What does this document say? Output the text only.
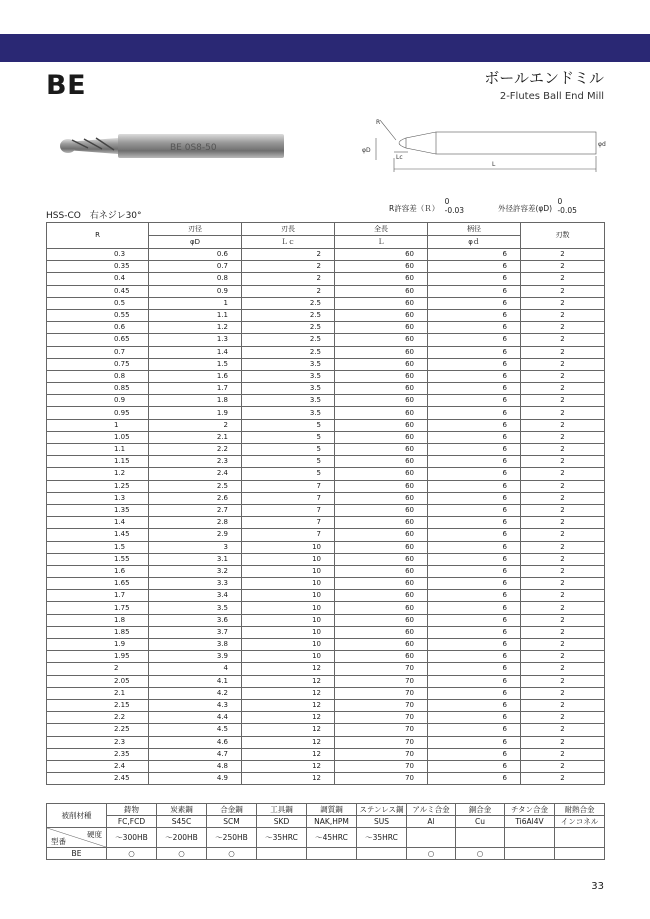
BE	ボールエンドミル
2-Flutes Ball End Mill
BE 0S8-50
R
Lc
L
φd
φD
R許容差（Ｒ） 0
-0.03	外径許容差(φD) 0
-0.05
HSS-CO　右ネジレ30°
R	刃径	刃長	全長	柄径	刃数
	φD	Ｌｃ	Ｌ	φｄ	
0.3	0.6	2	60	6	2
0.35	0.7	2	60	6	2
0.4	0.8	2	60	6	2
0.45	0.9	2	60	6	2
0.5	1	2.5	60	6	2
0.55	1.1	2.5	60	6	2
0.6	1.2	2.5	60	6	2
0.65	1.3	2.5	60	6	2
0.7	1.4	2.5	60	6	2
0.75	1.5	3.5	60	6	2
0.8	1.6	3.5	60	6	2
0.85	1.7	3.5	60	6	2
0.9	1.8	3.5	60	6	2
0.95	1.9	3.5	60	6	2
1	2	5	60	6	2
1.05	2.1	5	60	6	2
1.1	2.2	5	60	6	2
1.15	2.3	5	60	6	2
1.2	2.4	5	60	6	2
1.25	2.5	7	60	6	2
1.3	2.6	7	60	6	2
1.35	2.7	7	60	6	2
1.4	2.8	7	60	6	2
1.45	2.9	7	60	6	2
1.5	3	10	60	6	2
1.55	3.1	10	60	6	2
1.6	3.2	10	60	6	2
1.65	3.3	10	60	6	2
1.7	3.4	10	60	6	2
1.75	3.5	10	60	6	2
1.8	3.6	10	60	6	2
1.85	3.7	10	60	6	2
1.9	3.8	10	60	6	2
1.95	3.9	10	60	6	2
2	4	12	70	6	2
2.05	4.1	12	70	6	2
2.1	4.2	12	70	6	2
2.15	4.3	12	70	6	2
2.2	4.4	12	70	6	2
2.25	4.5	12	70	6	2
2.3	4.6	12	70	6	2
2.35	4.7	12	70	6	2
2.4	4.8	12	70	6	2
2.45	4.9	12	70	6	2
被削材種	鋳物	炭素鋼	合金鋼	工具鋼	調質鋼	ステンレス鋼	アルミ合金	銅合金	チタン合金	耐熱合金
	FC,FCD	S45C	SCM	SKD	NAK,HPM	SUS	Al	Cu	Ti6Al4V	インコネル

硬度
型番	～300HB	～200HB	～250HB	～35HRC	～45HRC	～35HRC				
BE	○	○	○				○	○		
33
